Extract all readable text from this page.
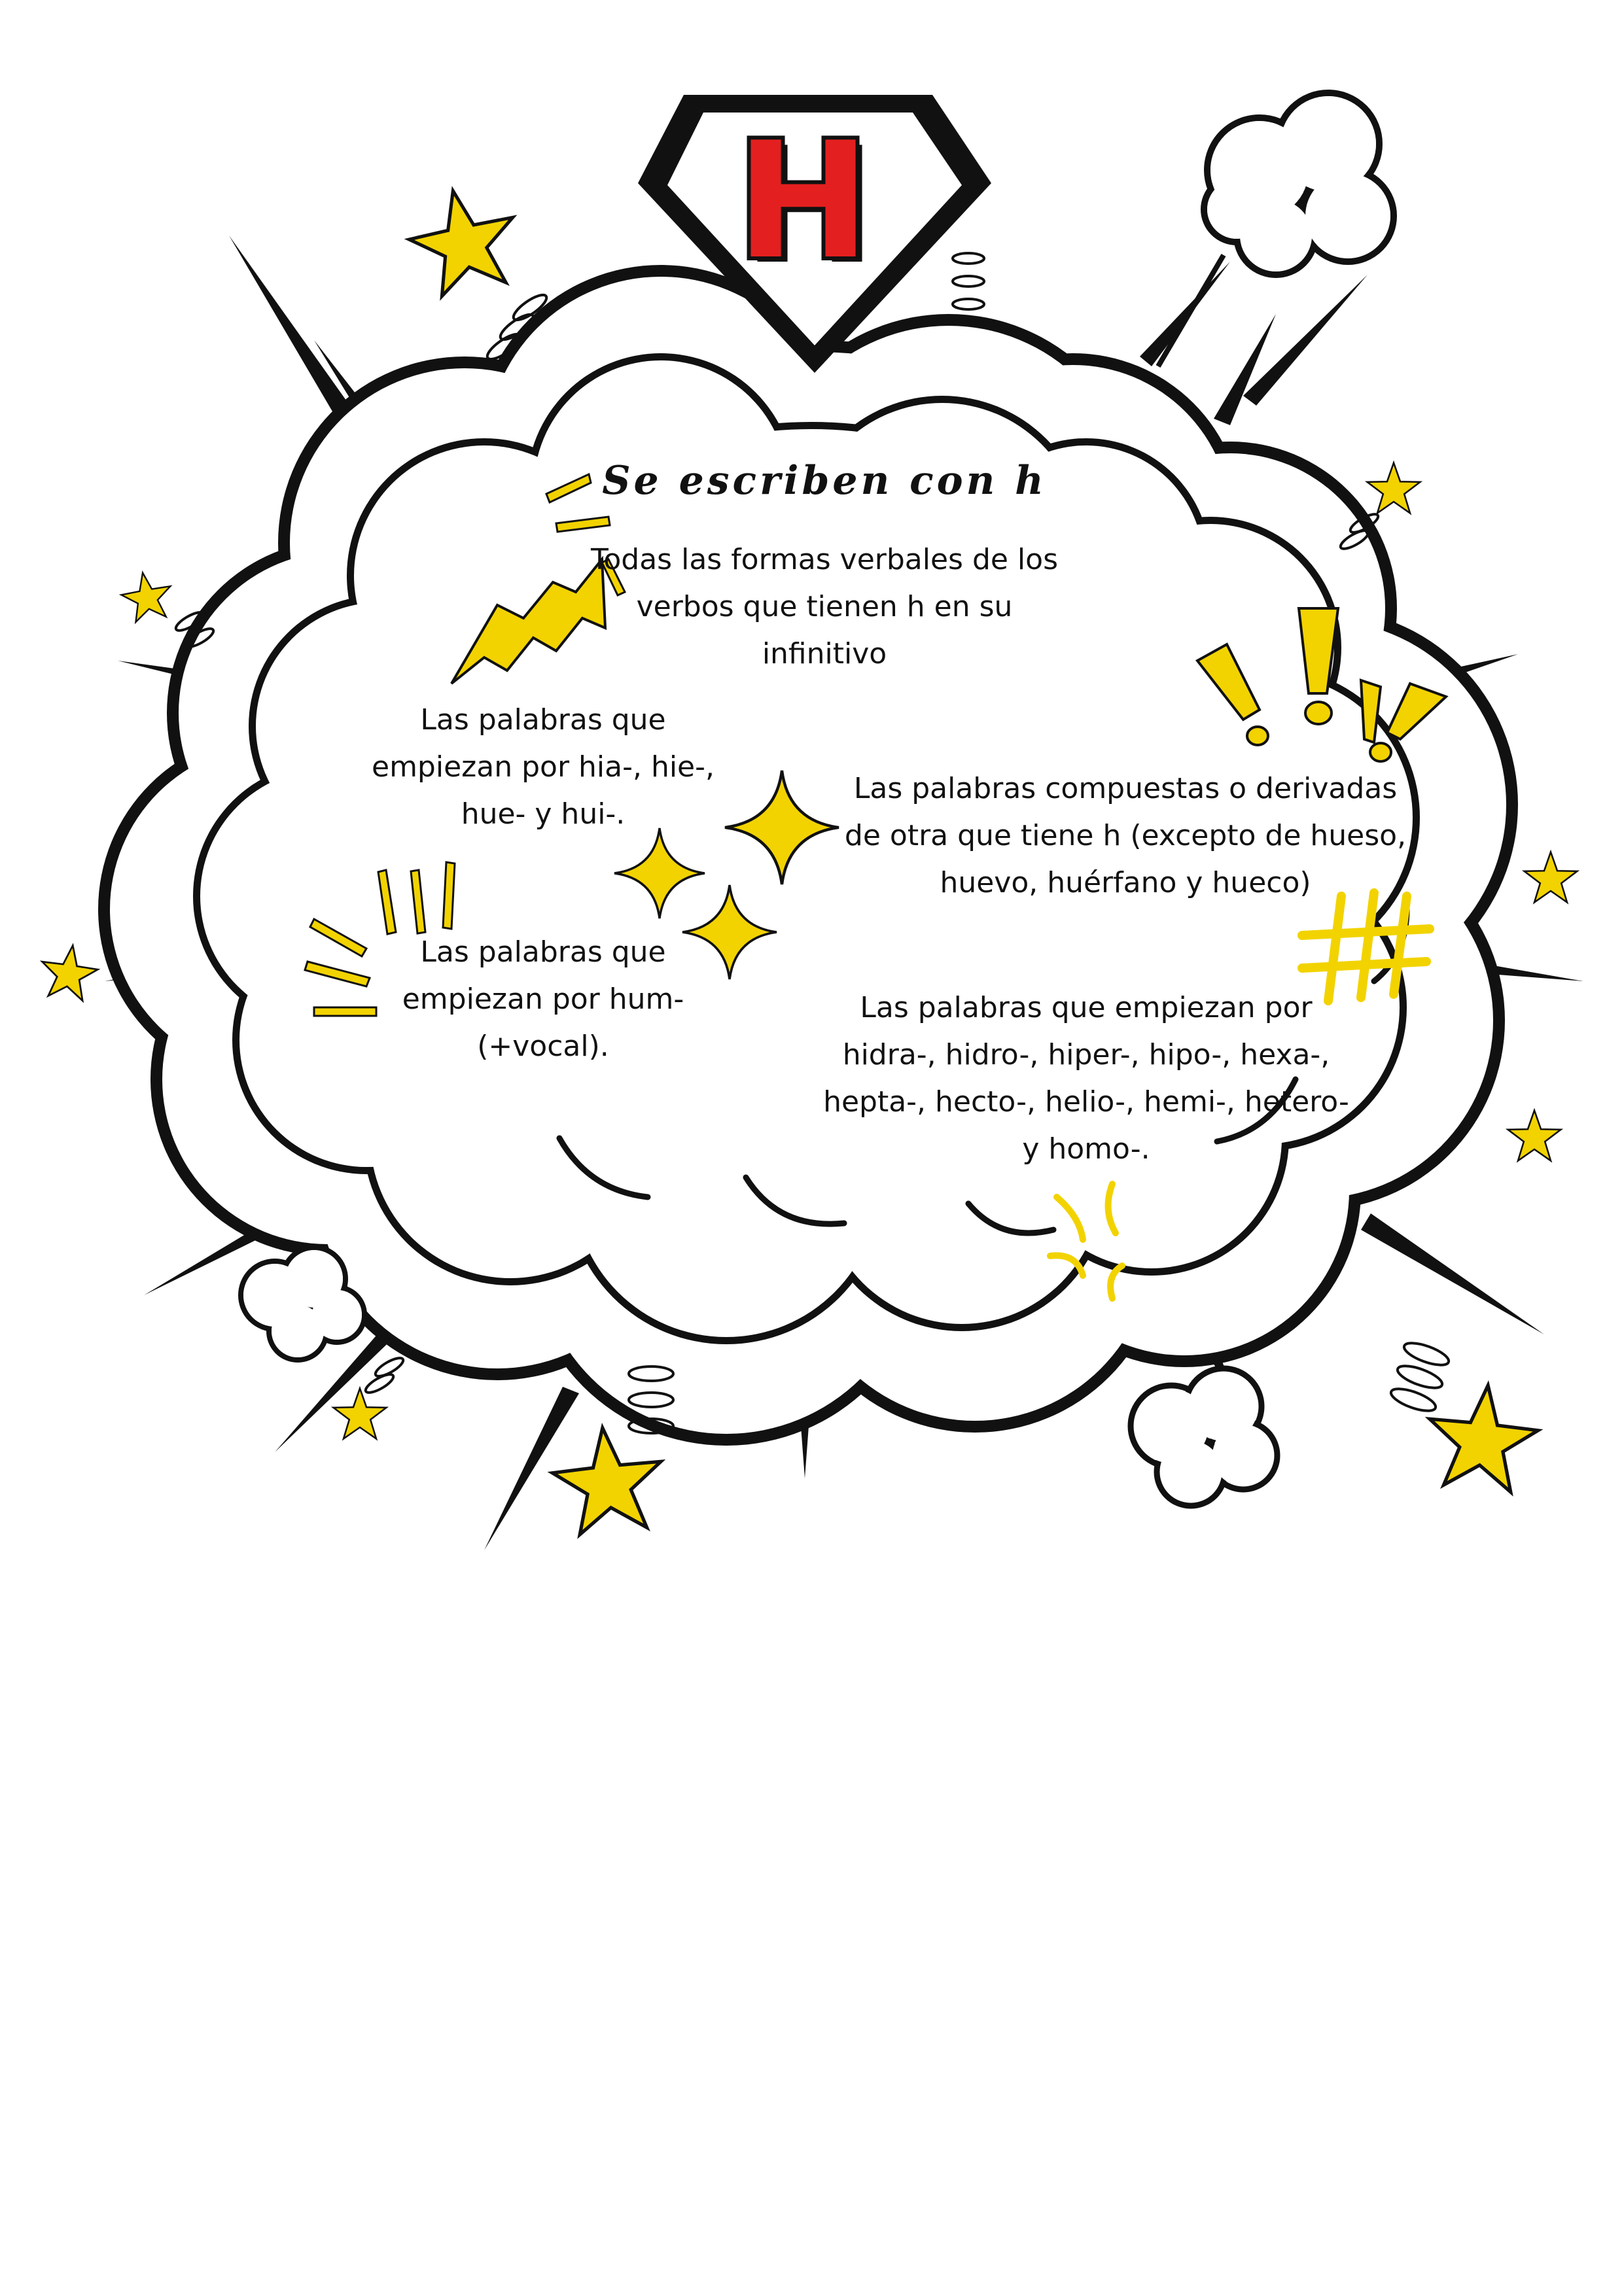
H
Se escriben con h
Todas las formas verbales de los
verbos que tienen h en su
infinitivo
Las palabras que
empiezan por hia-, hie-,
hue- y hui-.
Las palabras compuestas o derivadas
de otra que tiene h (excepto de hueso,
huevo, huérfano y hueco)
Las palabras que
empiezan por hum-
(+vocal).
Las palabras que empiezan por
hidra-, hidro-, hiper-, hipo-, hexa-,
hepta-, hecto-, helio-, hemi-, hetero-
y homo-.
